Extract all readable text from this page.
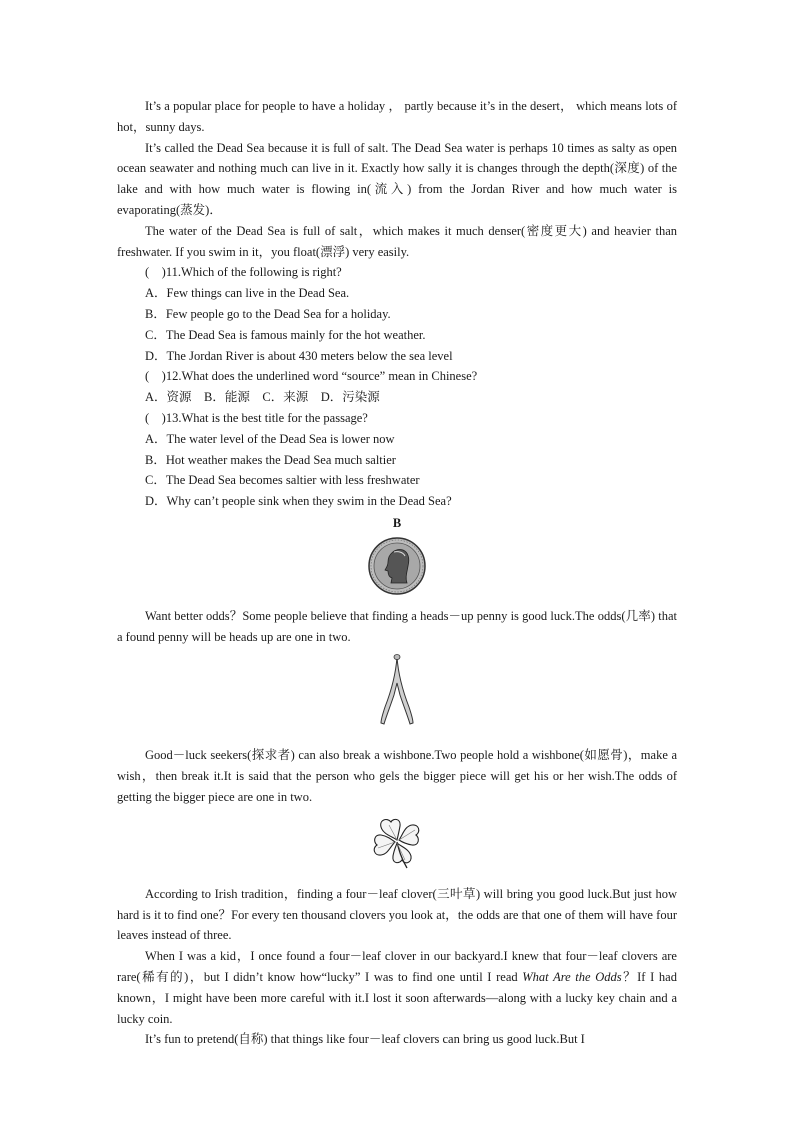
It’s a popular place for people to have a holiday ， partly because it’s in the desert， which means lots of hot，sunny days.

It’s called the Dead Sea because it is full of salt. The Dead Sea water is perhaps 10 times as salty as open ocean seawater and nothing much can live in it. Exactly how sally it is changes through the depth(深度) of the lake and with how much water is flowing in(流入) from the Jordan River and how much water is evaporating(蒸发)．

The water of the Dead Sea is full of salt，which makes it much denser(密度更大) and heavier than freshwater. If you swim in it，you float(漂浮) very easily.

(　)11.Which of the following is right?

A．Few things can live in the Dead Sea.

B．Few people go to the Dead Sea for a holiday.

C．The Dead Sea is famous mainly for the hot weather.

D．The Jordan River is about 430 meters below the sea level

(　)12.What does the underlined word “source” mean in Chinese?

A．资源　B．能源　C．来源　D．污染源

(　)13.What is the best title for the passage?

A．The water level of the Dead Sea is lower now

B．Hot weather makes the Dead Sea much saltier

C．The Dead Sea becomes saltier with less freshwater

D．Why can’t people sink when they swim in the Dead Sea?

B

Want better odds？Some people believe that finding a heads－up penny is good luck.The odds(几率) that a found penny will be heads up are one in two.

Good－luck seekers(探求者) can also break a wishbone.Two people hold a wishbone(如愿骨)，make a wish，then break it.It is said that the person who gels the bigger piece will get his or her wish.The odds of getting the bigger piece are one in two.

According to Irish tradition，finding a four－leaf clover(三叶草) will bring you good luck.But just how hard is it to find one？For every ten thousand clovers you look at，the odds are that one of them will have four leaves instead of three.

When I was a kid，I once found a four－leaf clover in our backyard.I knew that four－leaf clovers are rare(稀有的)，but I didn’t know how“lucky” I was to find one until I read What Are the Odds？If I had known，I might have been more careful with it.I lost it soon afterwards—along with a lucky key chain and a lucky coin.

It’s fun to pretend(自称) that things like four－leaf clovers can bring us good luck.But I
